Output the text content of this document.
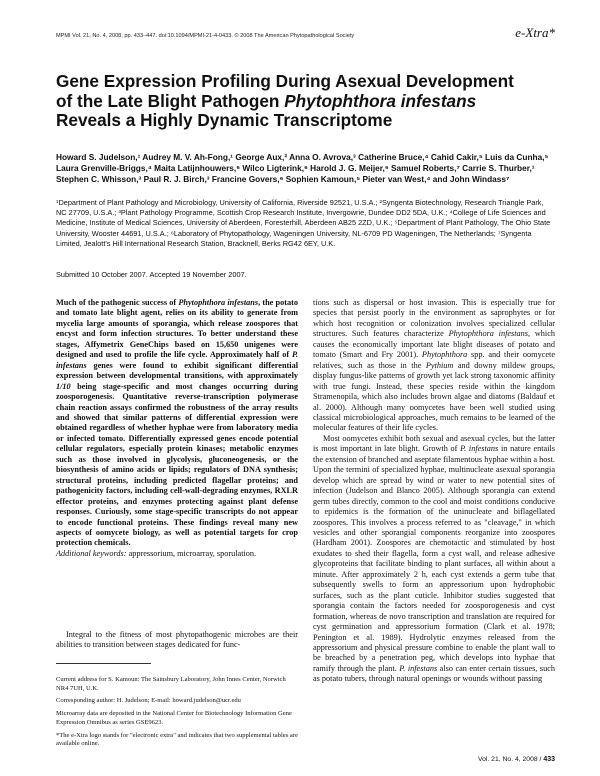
MPMI Vol. 21, No. 4, 2008, pp. 433–447. doi:10.1094/MPMI-21-4-0433. © 2008 The American Phytopathological Society	e-Xtra*
Gene Expression Profiling During Asexual Development
of the Late Blight Pathogen Phytophthora infestans
Reveals a Highly Dynamic Transcriptome
Howard S. Judelson,¹ Audrey M. V. Ah-Fong,¹ George Aux,² Anna O. Avrova,³ Catherine Bruce,⁴ Cahid Cakir,⁵ Luis da Cunha,⁵ Laura Grenville-Briggs,⁴ Maita Latijnhouwers,⁶ Wilco Ligterink,⁶ Harold J. G. Meijer,⁶ Samuel Roberts,⁷ Carrie S. Thurber,¹ Stephen C. Whisson,³ Paul R. J. Birch,³ Francine Govers,⁶ Sophien Kamoun,⁵ Pieter van West,⁴ and John Windass⁷
¹Department of Plant Pathology and Microbiology, University of California, Riverside 92521, U.S.A.; ²Syngenta Biotechnology, Research Triangle Park, NC 27709, U.S.A.; ³Plant Pathology Programme, Scottish Crop Research Institute, Invergowrie, Dundee DD2 5DA, U.K.; ⁴College of Life Sciences and Medicine, Institute of Medical Sciences, University of Aberdeen, Foresterhill, Aberdeen AB25 2ZD, U.K.; ⁵Department of Plant Pathology, The Ohio State University, Wooster 44691, U.S.A.; ⁶Laboratory of Phytopathology, Wageningen University, NL-6709 PD Wageningen, The Netherlands; ⁷Syngenta Limited, Jealott's Hill International Research Station, Bracknell, Berks RG42 6EY, U.K.
Submitted 10 October 2007. Accepted 19 November 2007.

Much of the pathogenic success of Phytophthora infestans, the potato and tomato late blight agent, relies on its ability to generate from mycelia large amounts of sporangia, which release zoospores that encyst and form infection structures. To better understand these stages, Affymetrix GeneChips based on 15,650 unigenes were designed and used to profile the life cycle. Approximately half of P. infestans genes were found to exhibit significant differential expression between developmental transitions, with approximately 1/10 being stage-specific and most changes occurring during zoosporogenesis. Quantitative reverse-transcription polymerase chain reaction assays confirmed the robustness of the array results and showed that similar patterns of differential expression were obtained regardless of whether hyphae were from laboratory media or infected tomato. Differentially expressed genes encode potential cellular regulators, especially protein kinases; metabolic enzymes such as those involved in glycolysis, gluconeogenesis, or the biosynthesis of amino acids or lipids; regulators of DNA synthesis; structural proteins, including predicted flagellar proteins; and pathogenicity factors, including cell-wall-degrading enzymes, RXLR effector proteins, and enzymes protecting against plant defense responses. Curiously, some stage-specific transcripts do not appear to encode functional proteins. These findings reveal many new aspects of oomycete biology, as well as potential targets for crop protection chemicals.

Additional keywords: appressorium, microarray, sporulation.

Integral to the fitness of most phytopathogenic microbes are their abilities to transition between stages dedicated for func-

Current address for S. Kamoun: The Sainsbury Laboratory, John Innes Center, Norwich NR4 7UH, U.K.

Corresponding author: H. Judelson; E-mail: howard.judelson@ucr.edu

Microarray data are deposited in the National Center for Biotechnology Information Gene Expression Omnibus as series GSE9623.

*The e-Xtra logo stands for "electronic extra" and indicates that two supplemental tables are available online.

tions such as dispersal or host invasion. This is especially true for species that persist poorly in the environment as saprophytes or for which host recognition or colonization involves specialized cellular structures. Such features characterize Phytophthora infestans, which causes the economically important late blight diseases of potato and tomato (Smart and Fry 2001). Phytophthora spp. and their oomycete relatives, such as those in the Pythium and downy mildew groups, display fungus-like patterns of growth yet lack strong taxonomic affinity with true fungi. Instead, these species reside within the kingdom Stramenopila, which also includes brown algae and diatoms (Baldauf et al. 2000). Although many oomycetes have been well studied using classical microbiological approaches, much remains to be learned of the molecular features of their life cycles.

Most oomycetes exhibit both sexual and asexual cycles, but the latter is most important in late blight. Growth of P. infestans in nature entails the extension of branched and aseptate filamentous hyphae within a host. Upon the termini of specialized hyphae, multinucleate asexual sporangia develop which are spread by wind or water to new potential sites of infection (Judelson and Blanco 2005). Although sporangia can extend germ tubes directly, common to the cool and moist conditions conducive to epidemics is the formation of the uninucleate and biflagellated zoospores. This involves a process referred to as "cleavage," in which vesicles and other sporangial components reorganize into zoospores (Hardham 2001). Zoospores are chemotactic and stimulated by host exudates to shed their flagella, form a cyst wall, and release adhesive glycoproteins that facilitate binding to plant surfaces, all within about a minute. After approximately 2 h, each cyst extends a germ tube that subsequently swells to form an appressorium upon hydrophobic surfaces, such as the plant cuticle. Inhibitor studies suggested that sporangia contain the factors needed for zoosporogenesis and cyst formation, whereas de novo transcription and translation are required for cyst germination and appressorium formation (Clark et al. 1978; Penington et al. 1989). Hydrolytic enzymes released from the appressorium and physical pressure combine to enable the plant wall to be breached by a penetration peg, which develops into hyphae that ramify through the plant. P. infestans also can enter certain tissues, such as potato tubers, through natural openings or wounds without passing

Vol. 21, No. 4, 2008 / 433
